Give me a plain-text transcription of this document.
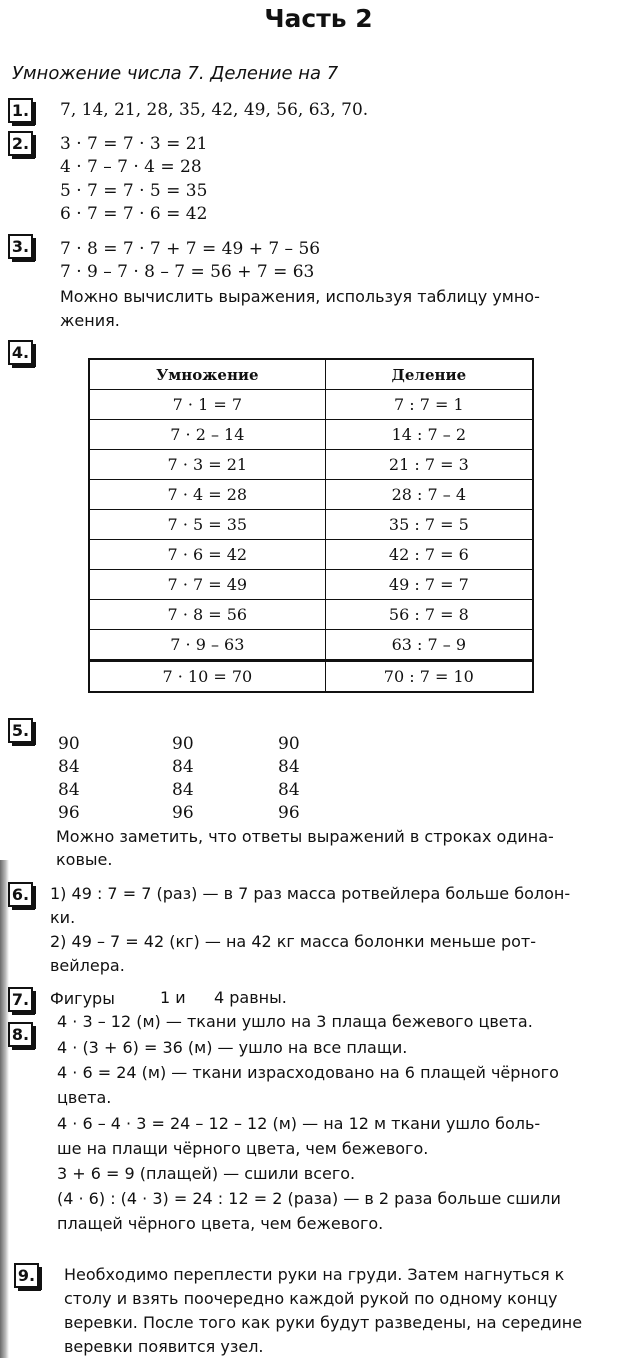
Часть 2
Умножение числа 7. Деление на 7
1. 7, 14, 21, 28, 35, 42, 49, 56, 63, 70.
2. 3 · 7 = 7 · 3 = 21
4 · 7 – 7 · 4 = 28
5 · 7 = 7 · 5 = 35
6 · 7 = 7 · 6 = 42
3. 7 · 8 = 7 · 7 + 7 = 49 + 7 – 56
7 · 9 – 7 · 8 – 7 = 56 + 7 = 63
Можно вычислить выражения, используя таблицу умно-
жения.
4.
Умножение	Деление
7 · 1 = 7	7 : 7 = 1
7 · 2 – 14	14 : 7 – 2
7 · 3 = 21	21 : 7 = 3
7 · 4 = 28	28 : 7 – 4
7 · 5 = 35	35 : 7 = 5
7 · 6 = 42	42 : 7 = 6
7 · 7 = 49	49 : 7 = 7
7 · 8 = 56	56 : 7 = 8
7 · 9 – 63	63 : 7 – 9
7 · 10 = 70	70 : 7 = 10
5.
90	90	90
84	84	84
84	84	84
96	96	96
Можно заметить, что ответы выражений в строках одина-
ковые.
6. 1) 49 : 7 = 7 (раз) — в 7 раз масса ротвейлера больше болон-
ки.
2) 49 – 7 = 42 (кг) — на 42 кг масса болонки меньше рот-
вейлера.
7. Фигуры	1 и 4 равны.
8.
4 · 3 – 12 (м) — ткани ушло на 3 плаща бежевого цвета.
4 · (3 + 6) = 36 (м) — ушло на все плащи.
4 · 6 = 24 (м) — ткани израсходовано на 6 плащей чёрного
цвета.
4 · 6 – 4 · 3 = 24 – 12 – 12 (м) — на 12 м ткани ушло боль-
ше на плащи чёрного цвета, чем бежевого.
3 + 6 = 9 (плащей) — сшили всего.
(4 · 6) : (4 · 3) = 24 : 12 = 2 (раза) — в 2 раза больше сшили
плащей чёрного цвета, чем бежевого.
9. Необходимо переплести руки на груди. Затем нагнуться к
столу и взять поочередно каждой рукой по одному концу
веревки. После того как руки будут разведены, на середине
веревки появится узел.
